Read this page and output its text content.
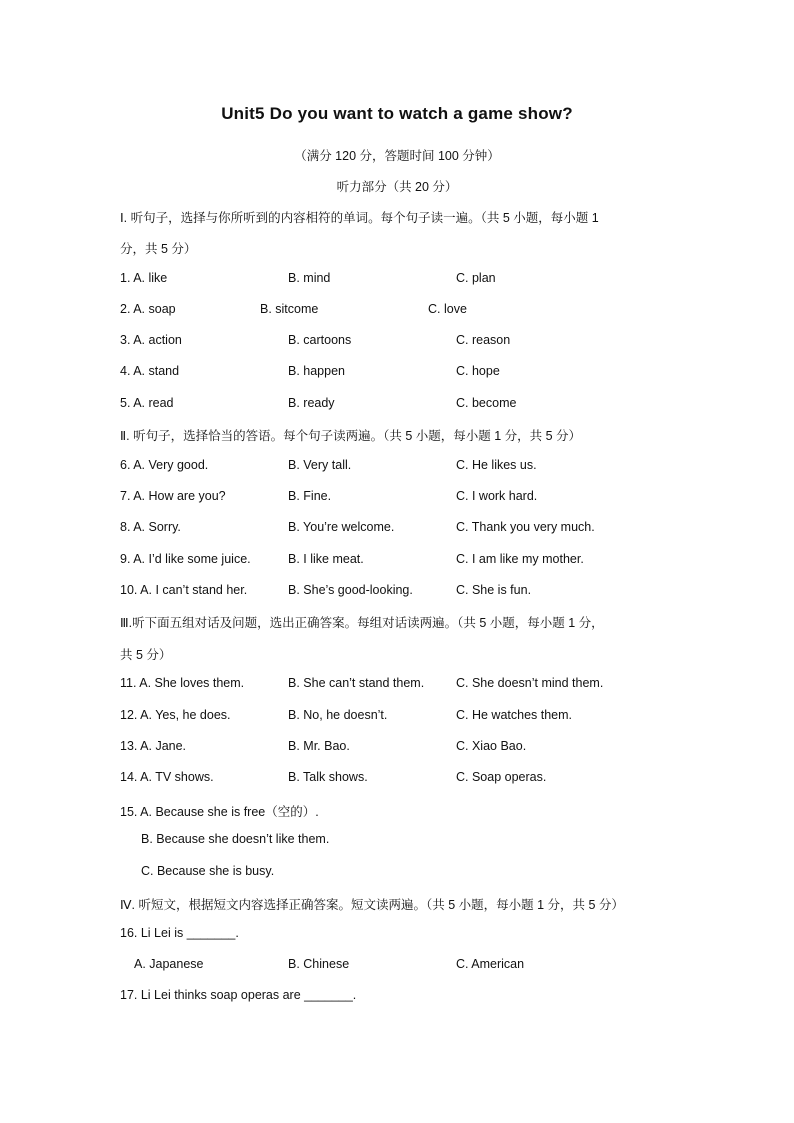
Unit5 Do you want to watch a game show?
（满分 120 分，答题时间 100 分钟）
听力部分（共 20 分）
Ⅰ. 听句子，选择与你所听到的内容相符的单词。每个句子读一遍。（共 5 小题，每小题 1
分，共 5 分）
1. A. like	B. mind	C. plan
2. A. soap	B. sitcome	C. love
3. A. action	B. cartoons	C. reason
4. A. stand	B. happen	C. hope
5. A. read	B. ready	C. become
Ⅱ. 听句子，选择恰当的答语。每个句子读两遍。（共 5 小题，每小题 1 分，共 5 分）
6. A. Very good.	B. Very tall.	C. He likes us.
7. A. How are you?	B. Fine.	C. I work hard.
8. A. Sorry.	B. You’re welcome.	C. Thank you very much.
9. A. I’d like some juice.	B. I like meat.	C. I am like my mother.
10. A. I can’t stand her.	B. She’s good-looking.	C. She is fun.
Ⅲ.听下面五组对话及问题，选出正确答案。每组对话读两遍。（共 5 小题，每小题 1 分，
共 5 分）
11. A. She loves them.	B. She can’t stand them.	C. She doesn’t mind them.
12. A. Yes, he does.	B. No, he doesn’t.	C. He watches them.
13. A. Jane.	B. Mr. Bao.	C. Xiao Bao.
14. A. TV shows.	B. Talk shows.	C. Soap operas.
15. A. Because she is free（空的）.
B. Because she doesn’t like them.
C. Because she is busy.
Ⅳ. 听短文，根据短文内容选择正确答案。短文读两遍。（共 5 小题，每小题 1 分，共 5 分）
16. Li Lei is _______.
A. Japanese	B. Chinese	C. American
17. Li Lei thinks soap operas are _______.
